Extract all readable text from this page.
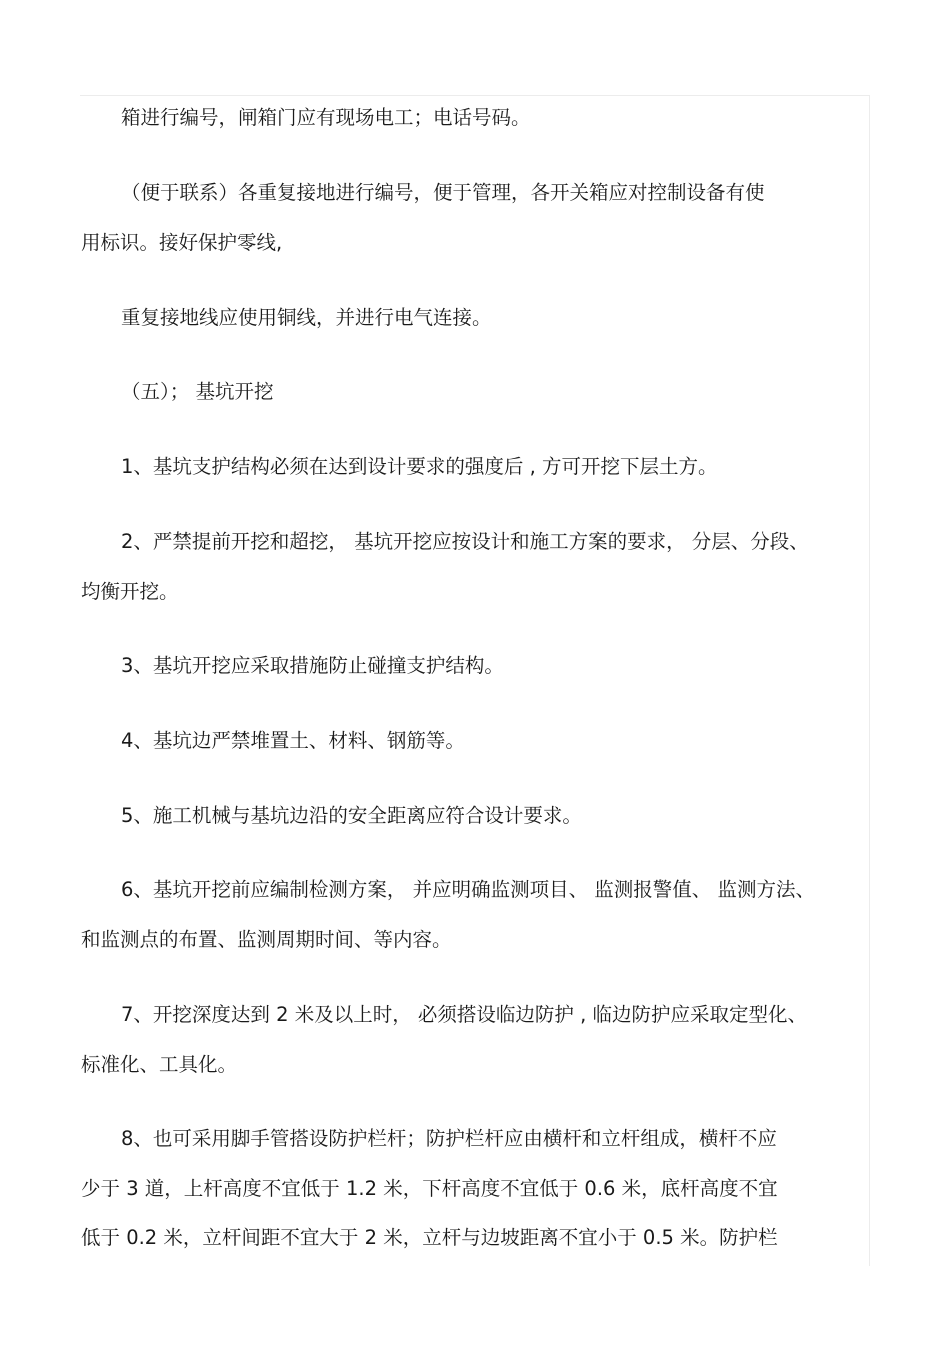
箱进行编号，闸箱门应有现场电工；电话号码。
（便于联系）各重复接地进行编号，便于管理，各开关箱应对控制设备有使
用标识。接好保护零线,
重复接地线应使用铜线，并进行电气连接。
（五）； 基坑开挖
1、基坑支护结构必须在达到设计要求的强度后 , 方可开挖下层土方。
2、严禁提前开挖和超挖， 基坑开挖应按设计和施工方案的要求， 分层、分段、
均衡开挖。
3、基坑开挖应采取措施防止碰撞支护结构。
4、基坑边严禁堆置土、材料、钢筋等。
5、施工机械与基坑边沿的安全距离应符合设计要求。
6、基坑开挖前应编制检测方案， 并应明确监测项目、 监测报警值、 监测方法、
和监测点的布置、监测周期时间、等内容。
7、开挖深度达到 2 米及以上时， 必须搭设临边防护 , 临边防护应采取定型化、
标准化、工具化。
8、也可采用脚手管搭设防护栏杆；防护栏杆应由横杆和立杆组成，横杆不应
少于 3 道，上杆高度不宜低于 1.2 米，下杆高度不宜低于 0.6 米，底杆高度不宜
低于 0.2 米，立杆间距不宜大于 2 米，立杆与边坡距离不宜小于 0.5 米。防护栏
